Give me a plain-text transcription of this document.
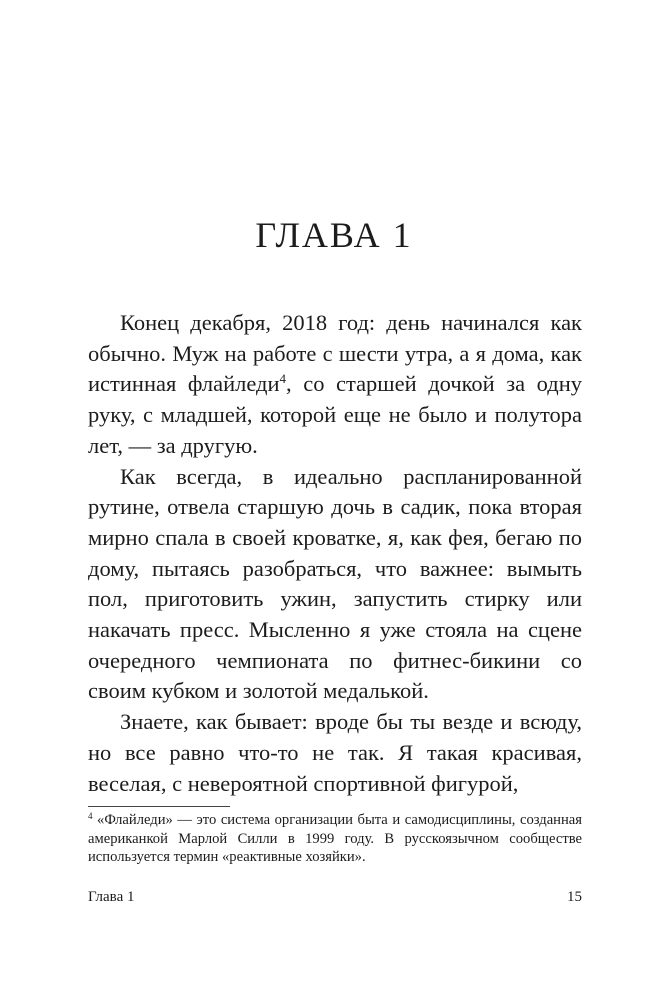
ГЛАВА 1

Конец декабря, 2018 год: день начинался как обычно. Муж на работе с шести утра, а я дома, как истинная флайледи$^4$, со старшей дочкой за одну руку, с младшей, которой еще не было и полутора лет, — за другую.

Как всегда, в идеально распланированной рутине, отвела старшую дочь в садик, пока вторая мирно спала в своей кроватке, я, как фея, бегаю по дому, пытаясь разобраться, что важнее: вымыть пол, приготовить ужин, запустить стирку или накачать пресс. Мысленно я уже стояла на сцене очередного чемпионата по фитнес-бикини со своим кубком и золотой медалькой.

Знаете, как бывает: вроде бы ты везде и всюду, но все равно что-то не так. Я такая красивая, веселая, с невероятной спортивной фигурой,

$^4$ «Флайледи» — это система организации быта и самодисциплины, созданная американкой Марлой Силли в 1999 году. В русскоязычном сообществе используется термин «реактивные хозяйки».
Глава 1	15
